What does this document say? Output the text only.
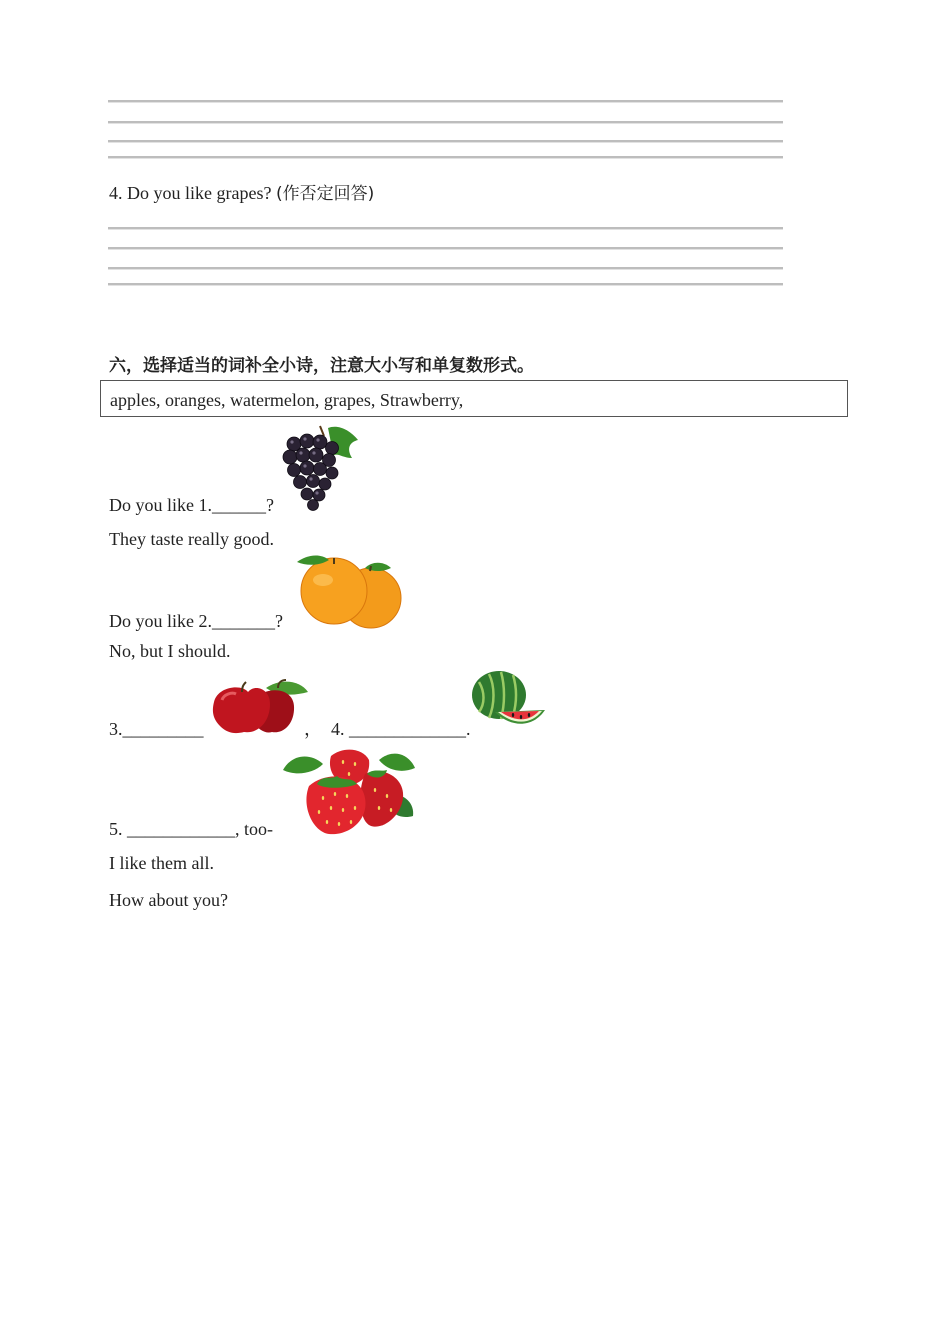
4. Do you like grapes? (作否定回答)
六，选择适当的词补全小诗，注意大小写和单复数形式。
apples, oranges, watermelon, grapes, Strawberry,
Do you like 1.______?
They taste really good.
Do you like 2._______?
No, but I should.
3._________	， 4. _____________.
5. ____________, too-
I like them all.
How about you?
